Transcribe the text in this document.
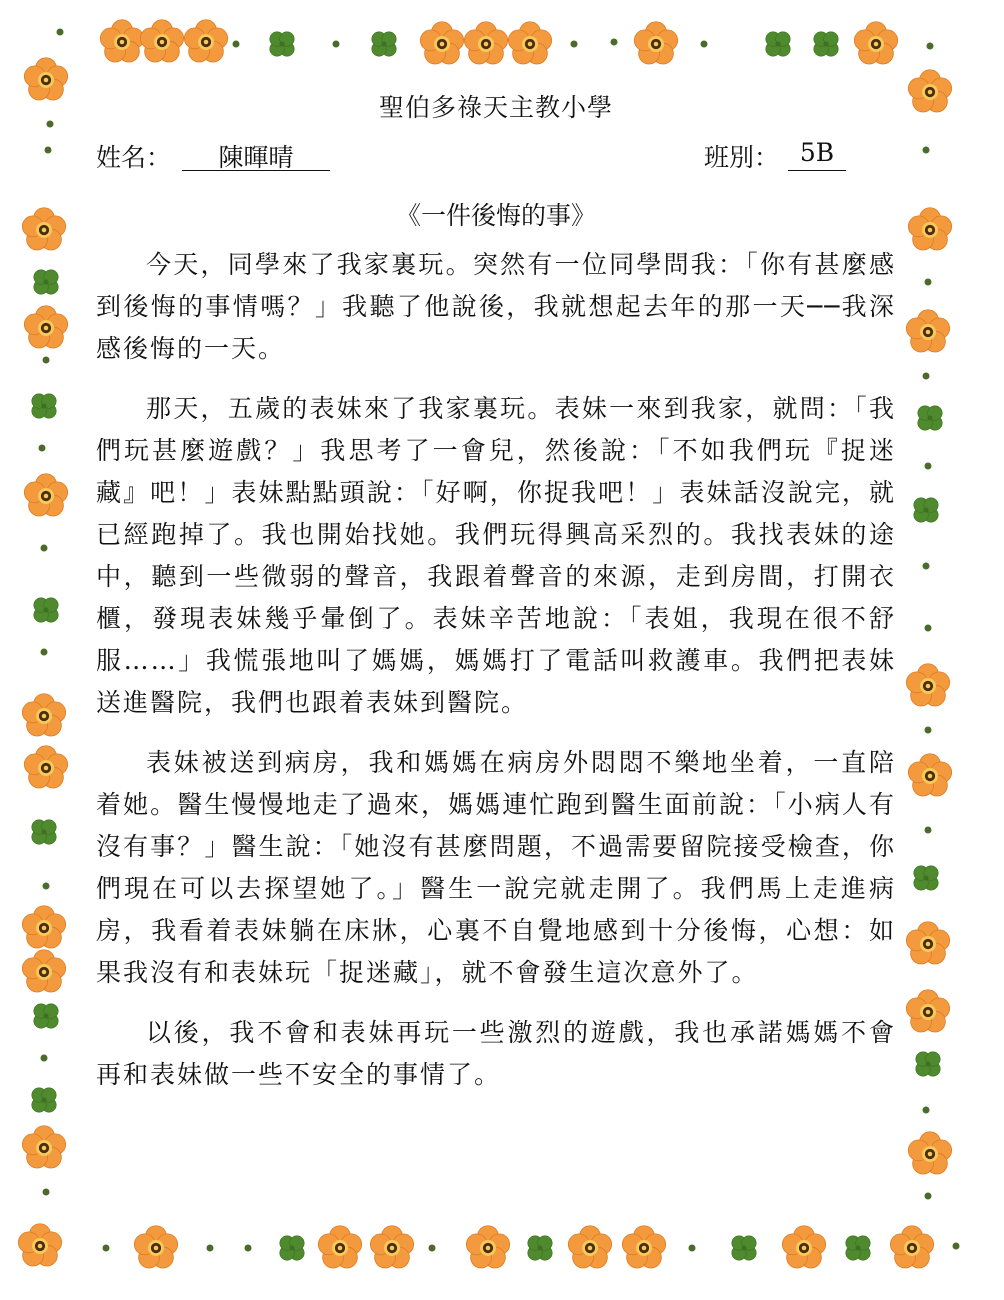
聖伯多祿天主教小學
姓名：	陳暉晴	班別： 5B
《一件後悔的事》

今天，同學來了我家裏玩。突然有一位同學問我：「你有甚麼感到後悔的事情嗎？」我聽了他說後，我就想起去年的那一天──我深感後悔的一天。

那天，五歲的表妹來了我家裏玩。表妹一來到我家，就問：「我們玩甚麼遊戲？」我思考了一會兒，然後說：「不如我們玩『捉迷藏』吧！」表妹點點頭說：「好啊，你捉我吧！」表妹話沒說完，就已經跑掉了。我也開始找她。我們玩得興高采烈的。我找表妹的途中，聽到一些微弱的聲音，我跟着聲音的來源，走到房間，打開衣櫃，發現表妹幾乎暈倒了。表妹辛苦地說：「表姐，我現在很不舒服……」我慌張地叫了媽媽，媽媽打了電話叫救護車。我們把表妹送進醫院，我們也跟着表妹到醫院。

表妹被送到病房，我和媽媽在病房外悶悶不樂地坐着，一直陪着她。醫生慢慢地走了過來，媽媽連忙跑到醫生面前說：「小病人有沒有事？」醫生說：「她沒有甚麼問題，不過需要留院接受檢查，你們現在可以去探望她了。」醫生一說完就走開了。我們馬上走進病房，我看着表妹躺在床牀，心裏不自覺地感到十分後悔，心想：如果我沒有和表妹玩「捉迷藏」，就不會發生這次意外了。

以後，我不會和表妹再玩一些激烈的遊戲，我也承諾媽媽不會再和表妹做一些不安全的事情了。
